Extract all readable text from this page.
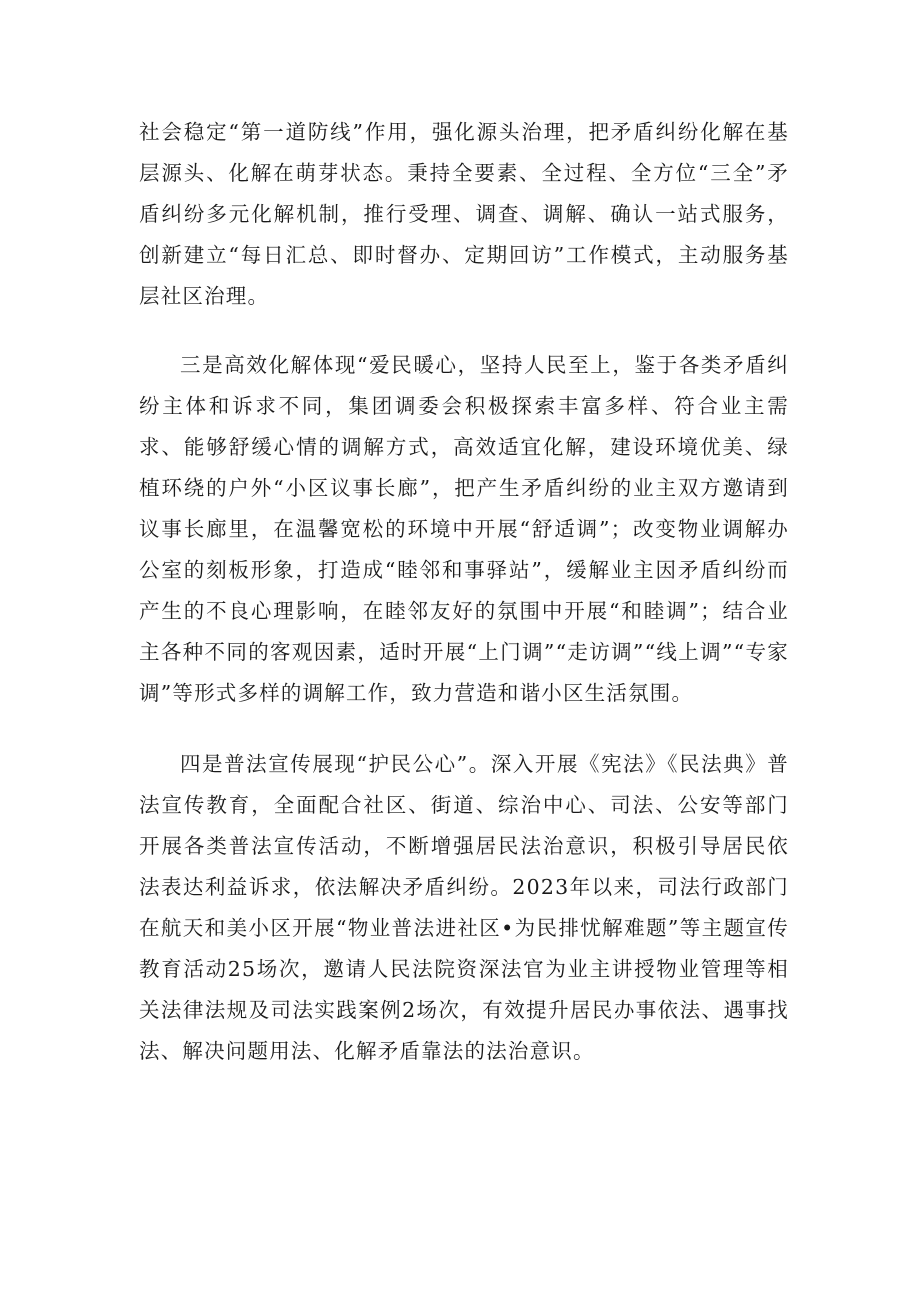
社会稳定“第一道防线”作用，强化源头治理，把矛盾纠纷化解在基层源头、化解在萌芽状态。秉持全要素、全过程、全方位“三全”矛盾纠纷多元化解机制，推行受理、调查、调解、确认一站式服务，创新建立“每日汇总、即时督办、定期回访”工作模式，主动服务基层社区治理。

三是高效化解体现“爱民暖心，坚持人民至上，鉴于各类矛盾纠纷主体和诉求不同，集团调委会积极探索丰富多样、符合业主需求、能够舒缓心情的调解方式，高效适宜化解，建设环境优美、绿植环绕的户外“小区议事长廊”，把产生矛盾纠纷的业主双方邀请到议事长廊里，在温馨宽松的环境中开展“舒适调”；改变物业调解办公室的刻板形象，打造成“睦邻和事驿站”，缓解业主因矛盾纠纷而产生的不良心理影响，在睦邻友好的氛围中开展“和睦调”；结合业主各种不同的客观因素，适时开展“上门调”“走访调”“线上调”“专家调”等形式多样的调解工作，致力营造和谐小区生活氛围。

四是普法宣传展现“护民公心”。深入开展《宪法》《民法典》普法宣传教育，全面配合社区、街道、综治中心、司法、公安等部门开展各类普法宣传活动，不断增强居民法治意识，积极引导居民依法表达利益诉求，依法解决矛盾纠纷。2023年以来，司法行政部门在航天和美小区开展“物业普法进社区•为民排忧解难题”等主题宣传教育活动25场次，邀请人民法院资深法官为业主讲授物业管理等相关法律法规及司法实践案例2场次，有效提升居民办事依法、遇事找法、解决问题用法、化解矛盾靠法的法治意识。
